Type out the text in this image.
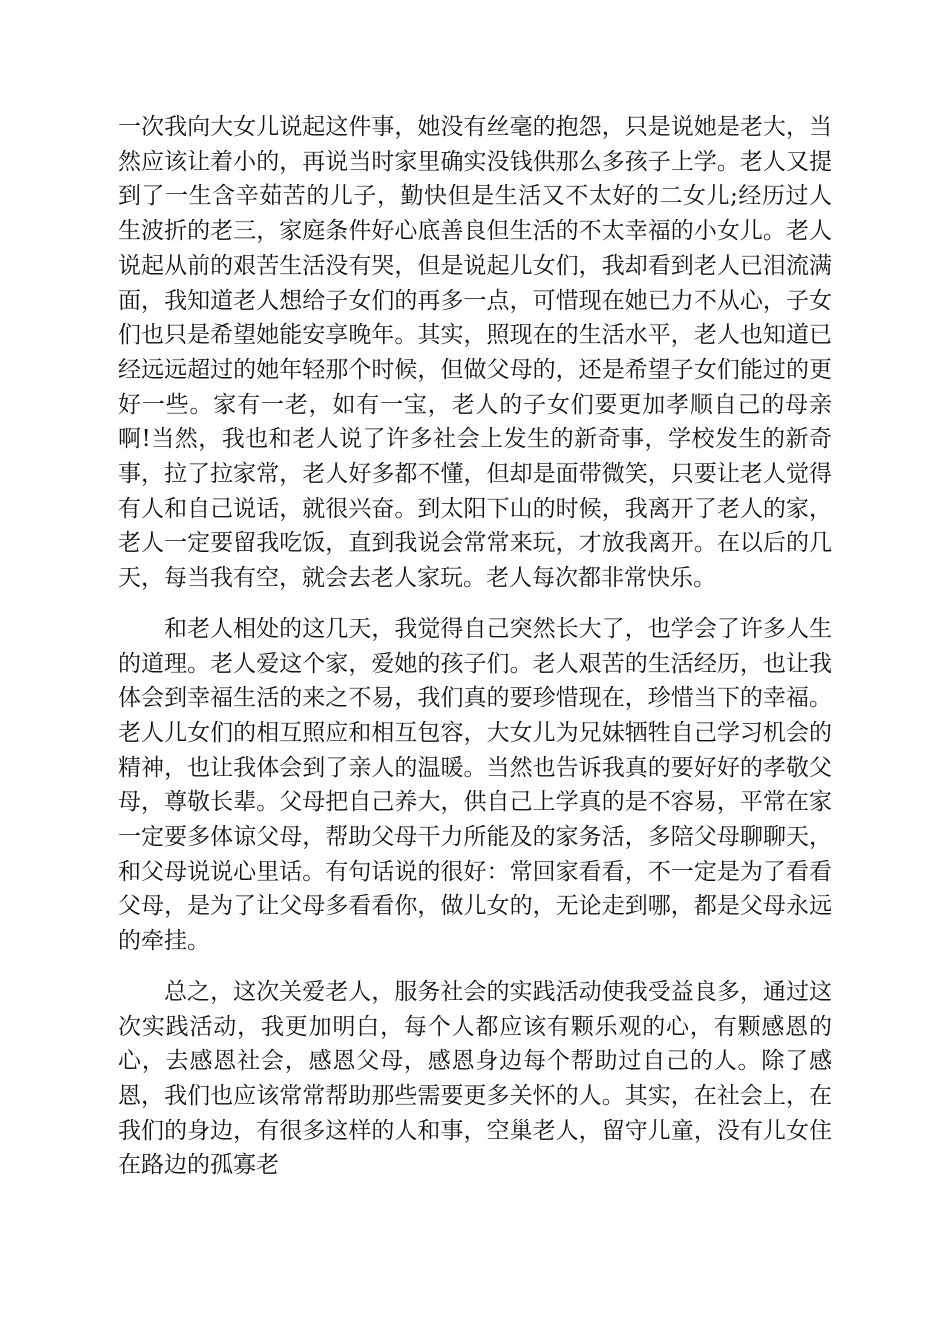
一次我向大女儿说起这件事，她没有丝毫的抱怨，只是说她是老大，当然应该让着小的，再说当时家里确实没钱供那么多孩子上学。老人又提到了一生含辛茹苦的儿子，勤快但是生活又不太好的二女儿;经历过人生波折的老三，家庭条件好心底善良但生活的不太幸福的小女儿。老人说起从前的艰苦生活没有哭，但是说起儿女们，我却看到老人已泪流满面，我知道老人想给子女们的再多一点，可惜现在她已力不从心，子女们也只是希望她能安享晚年。其实，照现在的生活水平，老人也知道已经远远超过的她年轻那个时候，但做父母的，还是希望子女们能过的更好一些。家有一老，如有一宝，老人的子女们要更加孝顺自己的母亲啊!当然，我也和老人说了许多社会上发生的新奇事，学校发生的新奇事，拉了拉家常，老人好多都不懂，但却是面带微笑，只要让老人觉得有人和自己说话，就很兴奋。到太阳下山的时候，我离开了老人的家，老人一定要留我吃饭，直到我说会常常来玩，才放我离开。在以后的几天，每当我有空，就会去老人家玩。老人每次都非常快乐。

和老人相处的这几天，我觉得自己突然长大了，也学会了许多人生的道理。老人爱这个家，爱她的孩子们。老人艰苦的生活经历，也让我体会到幸福生活的来之不易，我们真的要珍惜现在，珍惜当下的幸福。老人儿女们的相互照应和相互包容，大女儿为兄妹牺牲自己学习机会的精神，也让我体会到了亲人的温暖。当然也告诉我真的要好好的孝敬父母，尊敬长辈。父母把自己养大，供自己上学真的是不容易，平常在家一定要多体谅父母，帮助父母干力所能及的家务活，多陪父母聊聊天，和父母说说心里话。有句话说的很好：常回家看看，不一定是为了看看父母，是为了让父母多看看你，做儿女的，无论走到哪，都是父母永远的牵挂。

总之，这次关爱老人，服务社会的实践活动使我受益良多，通过这次实践活动，我更加明白，每个人都应该有颗乐观的心，有颗感恩的心，去感恩社会，感恩父母，感恩身边每个帮助过自己的人。除了感恩，我们也应该常常帮助那些需要更多关怀的人。其实，在社会上，在我们的身边，有很多这样的人和事，空巢老人，留守儿童，没有儿女住在路边的孤寡老
